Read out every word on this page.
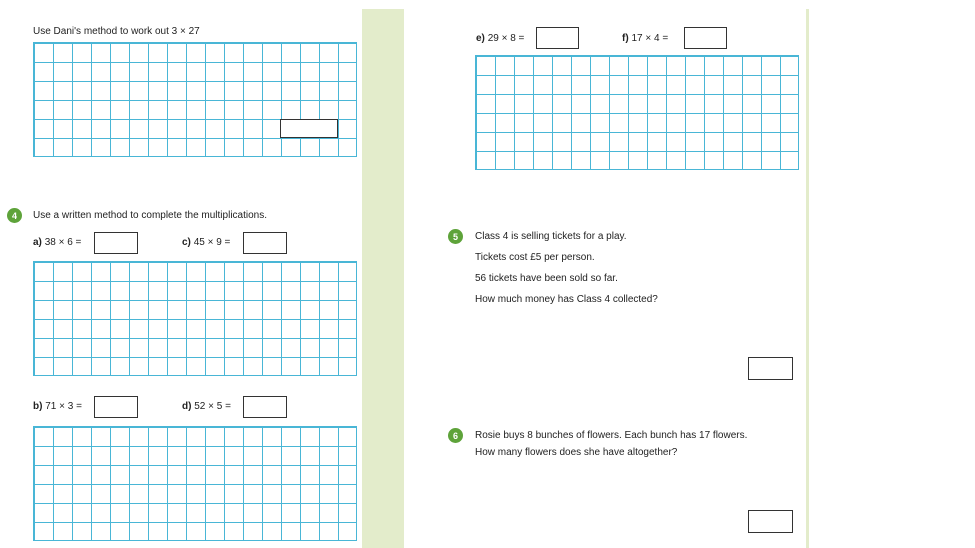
Use Dani's method to work out 3 × 27
4	Use a written method to complete the multiplications.
a) 38 × 6 =	c) 45 × 9 =
b) 71 × 3 =	d) 52 × 5 =
e) 29 × 8 =	f) 17 × 4 =
5	Class 4 is selling tickets for a play.
Tickets cost £5 per person.
56 tickets have been sold so far.
How much money has Class 4 collected?
6	Rosie buys 8 bunches of flowers. Each bunch has 17 flowers.
How many flowers does she have altogether?
